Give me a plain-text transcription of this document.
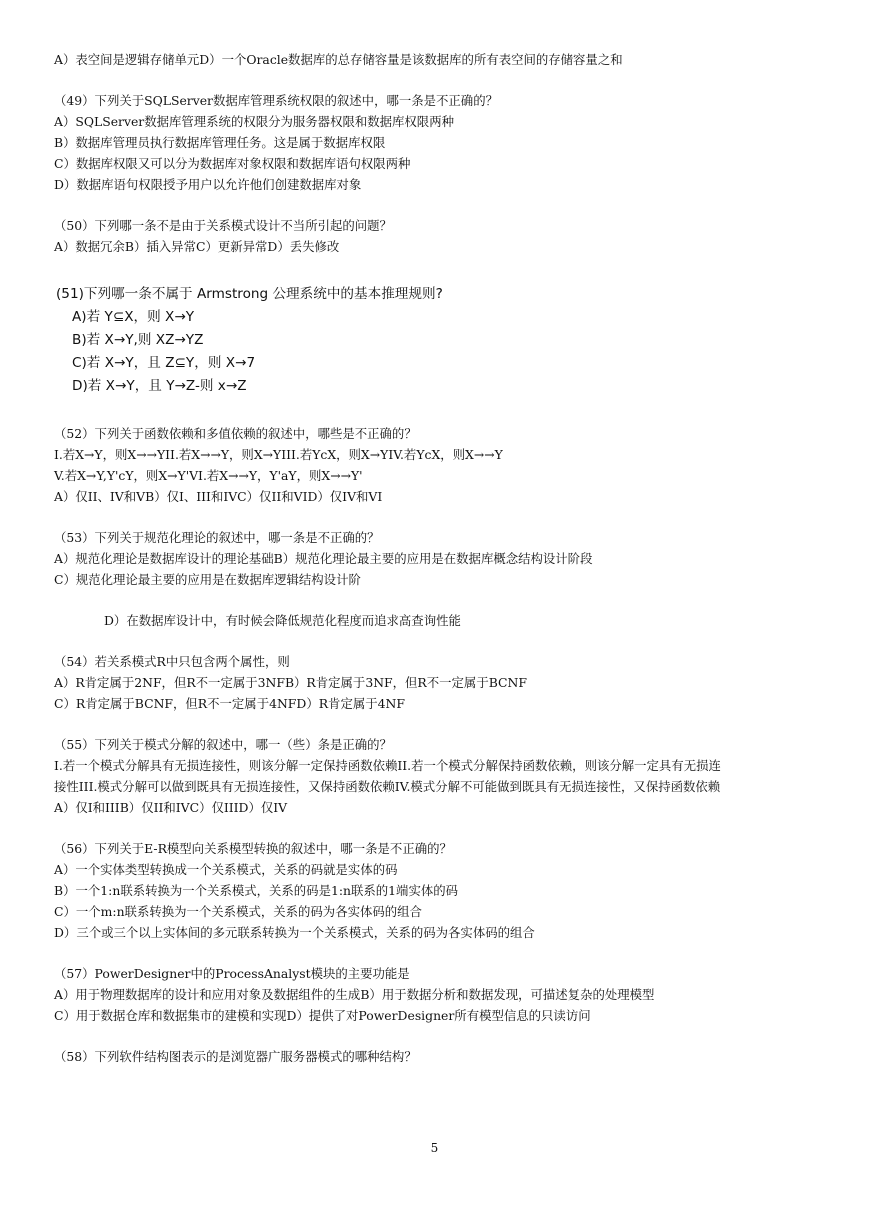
A）表空间是逻辑存储单元D）一个Oracle数据库的总存储容量是该数据库的所有表空间的存储容量之和
（49）下列关于SQLServer数据库管理系统权限的叙述中，哪一条是不正确的？
A）SQLServer数据库管理系统的权限分为服务器权限和数据库权限两种
B）数据库管理员执行数据库管理任务。这是属于数据库权限
C）数据库权限又可以分为数据库对象权限和数据库语句权限两种
D）数据库语句权限授予用户以允许他们创建数据库对象
（50）下列哪一条不是由于关系模式设计不当所引起的问题？
A）数据冗余B）插入异常C）更新异常D）丢失修改
(51)下列哪一条不属于 Armstrong 公理系统中的基本推理规则?
A)若 Y⊆X，则 X→Y
B)若 X→Y,则 XZ→YZ
C)若 X→Y，且 Z⊆Y，则 X→7
D)若 X→Y，且 Y→Z-则 x→Z
（52）下列关于函数依赖和多值依赖的叙述中，哪些是不正确的？
I.若X→Y，则X→→YII.若X→→Y，则X→YIII.若YcX，则X→YIV.若YcX，则X→→Y
V.若X→Y,Y'cY，则X→Y'VI.若X→→Y，Y'aY，则X→→Y'
A）仅II、IV和VB）仅I、III和IVC）仅II和VID）仅IV和VI
（53）下列关于规范化理论的叙述中，哪一条是不正确的？
A）规范化理论是数据库设计的理论基础B）规范化理论最主要的应用是在数据库概念结构设计阶段
C）规范化理论最主要的应用是在数据库逻辑结构设计阶
D）在数据库设计中，有时候会降低规范化程度而追求高查询性能
（54）若关系模式R中只包含两个属性，则
A）R肯定属于2NF，但R不一定属于3NFB）R肯定属于3NF，但R不一定属于BCNF
C）R肯定属于BCNF，但R不一定属于4NFD）R肯定属于4NF
（55）下列关于模式分解的叙述中，哪一（些）条是正确的？
I.若一个模式分解具有无损连接性，则该分解一定保持函数依赖II.若一个模式分解保持函数依赖，则该分解一定具有无损连
接性III.模式分解可以做到既具有无损连接性，又保持函数依赖IV.模式分解不可能做到既具有无损连接性，又保持函数依赖
A）仅I和IIIB）仅II和IVC）仅IIID）仅IV
（56）下列关于E-R模型向关系模型转换的叙述中，哪一条是不正确的？
A）一个实体类型转换成一个关系模式，关系的码就是实体的码
B）一个1:n联系转换为一个关系模式，关系的码是1:n联系的1端实体的码
C）一个m:n联系转换为一个关系模式，关系的码为各实体码的组合
D）三个或三个以上实体间的多元联系转换为一个关系模式，关系的码为各实体码的组合
（57）PowerDesigner中的ProcessAnalyst模块的主要功能是
A）用于物理数据库的设计和应用对象及数据组件的生成B）用于数据分析和数据发现，可描述复杂的处理模型
C）用于数据仓库和数据集市的建模和实现D）提供了对PowerDesigner所有模型信息的只读访问
（58）下列软件结构图表示的是浏览器广服务器模式的哪种结构？
5
